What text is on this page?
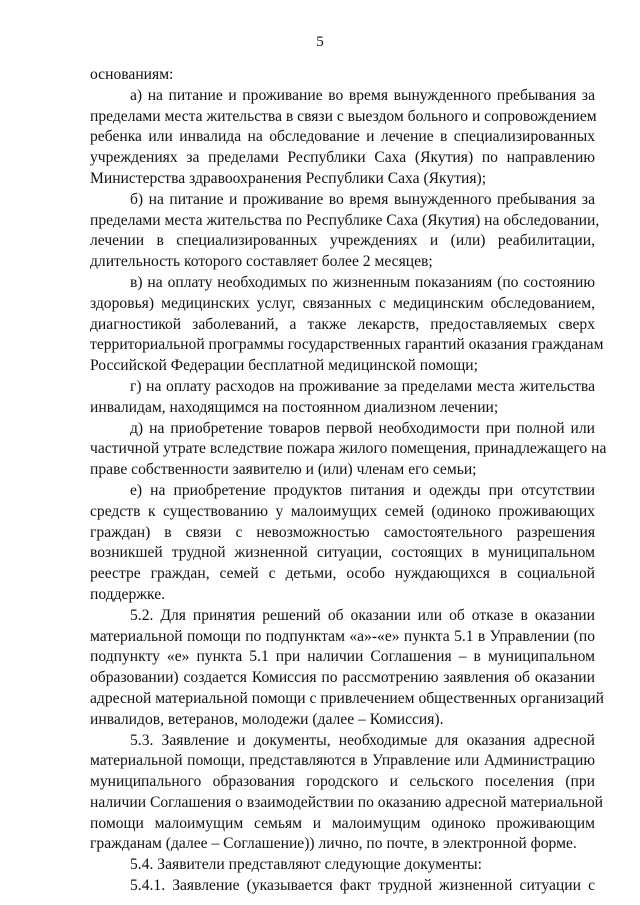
5
основаниям:
а) на питание и проживание во время вынужденного пребывания за
пределами места жительства в связи с выездом больного и сопровождением
ребенка или инвалида на обследование и лечение в специализированных
учреждениях за пределами Республики Саха (Якутия) по направлению
Министерства здравоохранения Республики Саха (Якутия);
б) на питание и проживание во время вынужденного пребывания за
пределами места жительства по Республике Саха (Якутия) на обследовании,
лечении в специализированных учреждениях и (или) реабилитации,
длительность которого составляет более 2 месяцев;
в) на оплату необходимых по жизненным показаниям (по состоянию
здоровья) медицинских услуг, связанных с медицинским обследованием,
диагностикой заболеваний, а также лекарств, предоставляемых сверх
территориальной программы государственных гарантий оказания гражданам
Российской Федерации бесплатной медицинской помощи;
г) на оплату расходов на проживание за пределами места жительства
инвалидам, находящимся на постоянном диализном лечении;
д) на приобретение товаров первой необходимости при полной или
частичной утрате вследствие пожара жилого помещения, принадлежащего на
праве собственности заявителю и (или) членам его семьи;
е) на приобретение продуктов питания и одежды при отсутствии
средств к существованию у малоимущих семей (одиноко проживающих
граждан) в связи с невозможностью самостоятельного разрешения
возникшей трудной жизненной ситуации, состоящих в муниципальном
реестре граждан, семей с детьми, особо нуждающихся в социальной
поддержке.
5.2. Для принятия решений об оказании или об отказе в оказании
материальной помощи по подпунктам «а»-«е» пункта 5.1 в Управлении (по
подпункту «е» пункта 5.1 при наличии Соглашения – в муниципальном
образовании) создается Комиссия по рассмотрению заявления об оказании
адресной материальной помощи с привлечением общественных организаций
инвалидов, ветеранов, молодежи (далее – Комиссия).
5.3. Заявление и документы, необходимые для оказания адресной
материальной помощи, представляются в Управление или Администрацию
муниципального образования городского и сельского поселения (при
наличии Соглашения о взаимодействии по оказанию адресной материальной
помощи малоимущим семьям и малоимущим одиноко проживающим
гражданам (далее – Соглашение)) лично, по почте, в электронной форме.
5.4. Заявители представляют следующие документы:
5.4.1. Заявление (указывается факт трудной жизненной ситуации с
